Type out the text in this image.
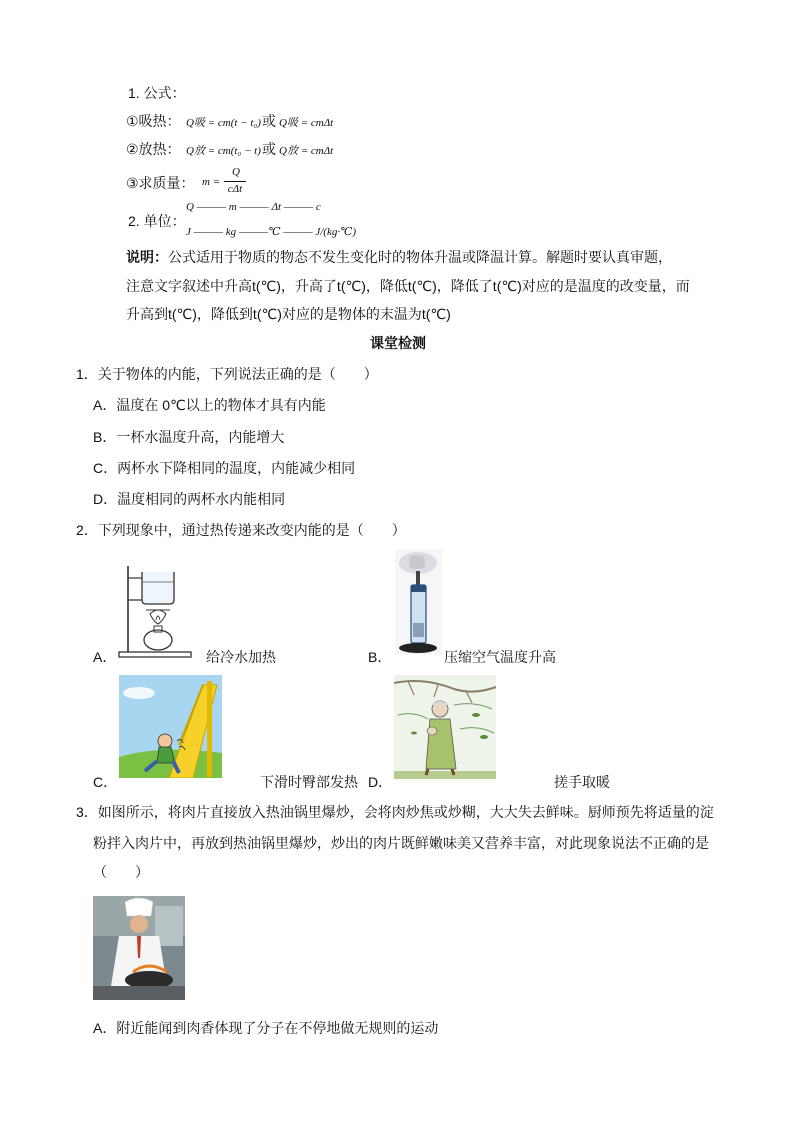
1. 公式：
①吸热： Q吸 = cm(t − t₀) 或 Q吸 = cmΔt
②放热： Q放 = cm(t₀ − t) 或 Q放 = cmΔt
③求质量： m =
Q
cΔt
Q ——— m ——— Δt ——— c
2. 单位：
J ——— kg ———℃ ——— J/(kg·℃)
说明：公式适用于物质的物态不发生变化时的物体升温或降温计算。解题时要认真审题，
注意文字叙述中升高t(℃)，升高了t(℃)，降低t(℃)，降低了t(℃)对应的是温度的改变量，而
升高到t(℃)，降低到t(℃)对应的是物体的末温为t(℃)
课堂检测
1．关于物体的内能，下列说法正确的是（　　）
A．温度在 0℃以上的物体才具有内能
B．一杯水温度升高，内能增大
C．两杯水下降相同的温度，内能减少相同
D．温度相同的两杯水内能相同
2．下列现象中，通过热传递来改变内能的是（　　）
A．	给冷水加热	B．	压缩空气温度升高
C．	下滑时臀部发热 D．	搓手取暖
3．如图所示，将肉片直接放入热油锅里爆炒，会将肉炒焦或炒糊，大大失去鲜味。厨师预先将适量的淀
粉拌入肉片中，再放到热油锅里爆炒，炒出的肉片既鲜嫩味美又营养丰富，对此现象说法不正确的是
（　　）
A．附近能闻到肉香体现了分子在不停地做无规则的运动
